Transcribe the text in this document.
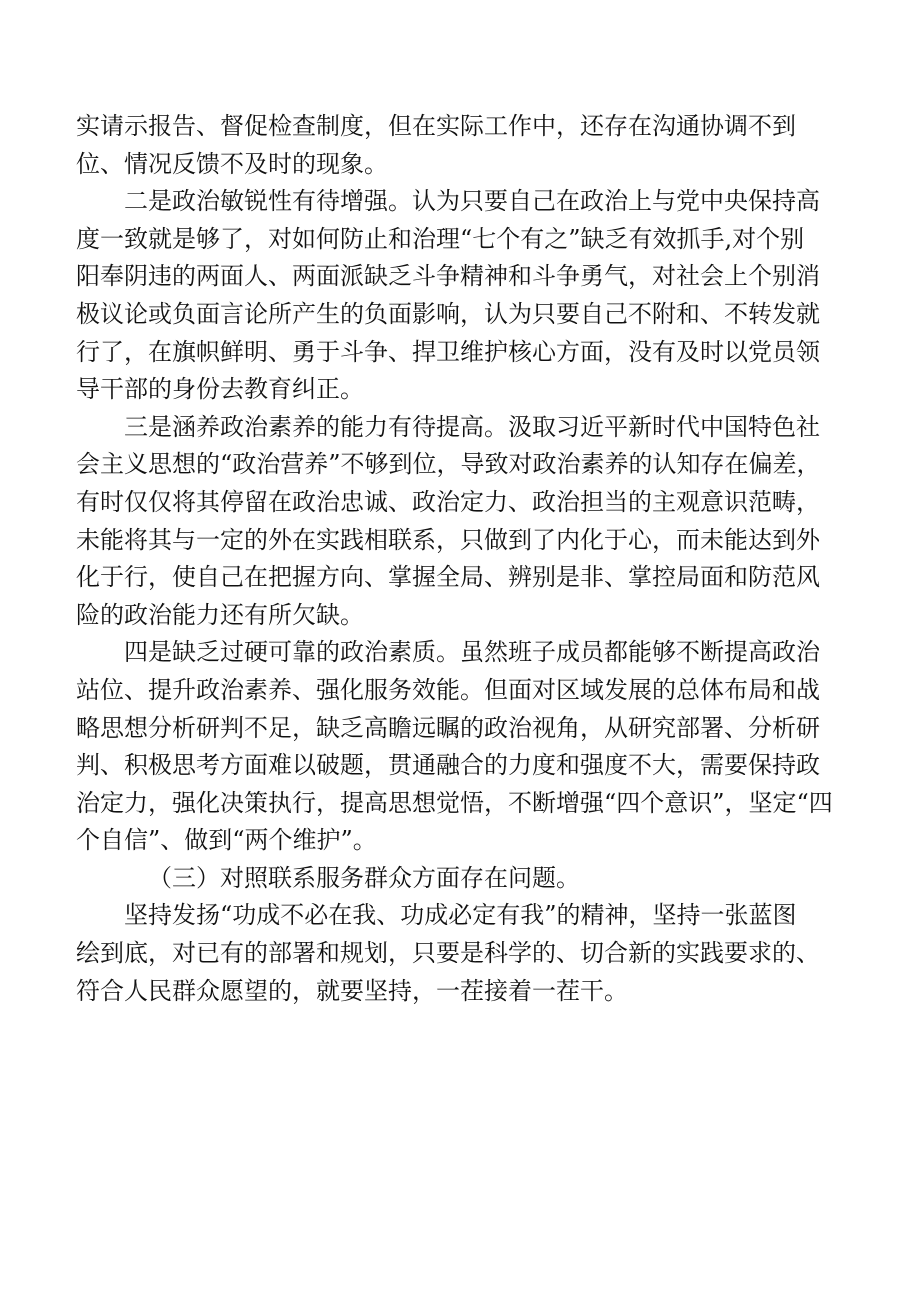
实请示报告、督促检查制度，但在实际工作中，还存在沟通协调不到
位、情况反馈不及时的现象。
二是政治敏锐性有待增强。认为只要自己在政治上与党中央保持高
度一致就是够了，对如何防止和治理“七个有之”缺乏有效抓手,对个别
阳奉阴违的两面人、两面派缺乏斗争精神和斗争勇气，对社会上个别消
极议论或负面言论所产生的负面影响，认为只要自己不附和、不转发就
行了，在旗帜鲜明、勇于斗争、捍卫维护核心方面，没有及时以党员领
导干部的身份去教育纠正。
三是涵养政治素养的能力有待提高。汲取习近平新时代中国特色社
会主义思想的“政治营养”不够到位，导致对政治素养的认知存在偏差，
有时仅仅将其停留在政治忠诚、政治定力、政治担当的主观意识范畴，
未能将其与一定的外在实践相联系，只做到了内化于心，而未能达到外
化于行，使自己在把握方向、掌握全局、辨别是非、掌控局面和防范风
险的政治能力还有所欠缺。
四是缺乏过硬可靠的政治素质。虽然班子成员都能够不断提高政治
站位、提升政治素养、强化服务效能。但面对区域发展的总体布局和战
略思想分析研判不足，缺乏高瞻远瞩的政治视角，从研究部署、分析研
判、积极思考方面难以破题，贯通融合的力度和强度不大，需要保持政
治定力，强化决策执行，提高思想觉悟，不断增强“四个意识”，坚定“四
个自信”、做到“两个维护”。
（三）对照联系服务群众方面存在问题。
坚持发扬“功成不必在我、功成必定有我”的精神，坚持一张蓝图
绘到底，对已有的部署和规划，只要是科学的、切合新的实践要求的、
符合人民群众愿望的，就要坚持，一茬接着一茬干。
